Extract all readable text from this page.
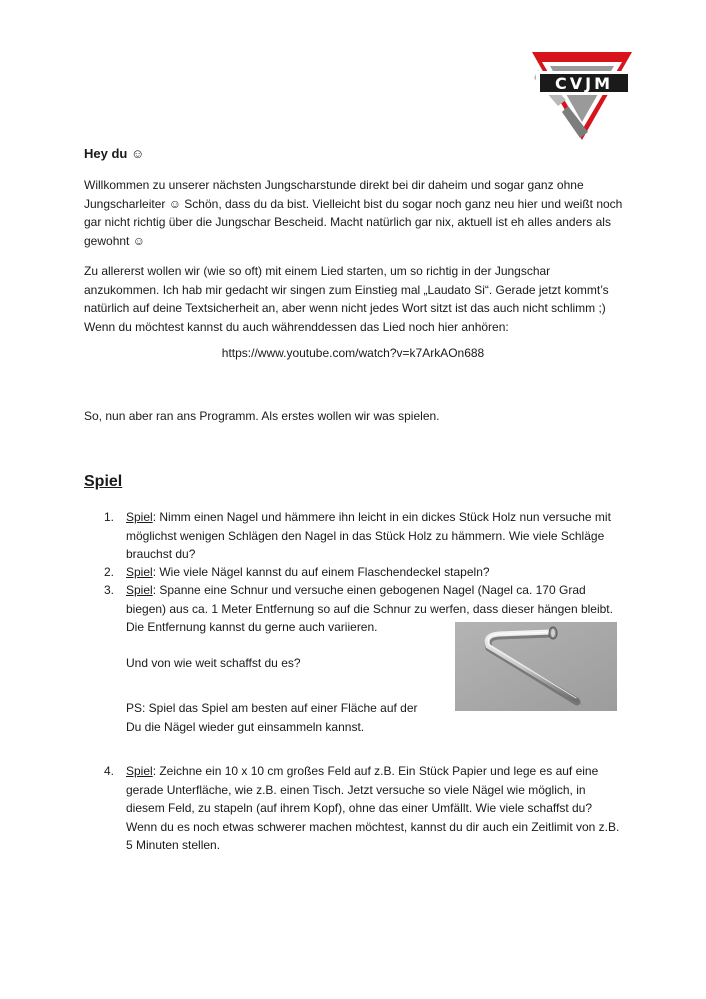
CVJM
Hey du ☺

Willkommen zu unserer nächsten Jungscharstunde direkt bei dir daheim und sogar ganz ohne Jungscharleiter ☺ Schön, dass du da bist. Vielleicht bist du sogar noch ganz neu hier und weißt noch gar nicht richtig über die Jungschar Bescheid. Macht natürlich gar nix, aktuell ist eh alles anders als gewohnt ☺

Zu allererst wollen wir (wie so oft) mit einem Lied starten, um so richtig in der Jungschar anzukommen. Ich hab mir gedacht wir singen zum Einstieg mal „Laudato Si“. Gerade jetzt kommt’s natürlich auf deine Textsicherheit an, aber wenn nicht jedes Wort sitzt ist das auch nicht schlimm ;) Wenn du möchtest kannst du auch währenddessen das Lied noch hier anhören:

https://www.youtube.com/watch?v=k7ArkAOn688

So, nun aber ran ans Programm. Als erstes wollen wir was spielen.

Spiel
1. Spiel: Nimm einen Nagel und hämmere ihn leicht in ein dickes Stück Holz nun versuche mit möglichst wenigen Schlägen den Nagel in das Stück Holz zu hämmern. Wie viele Schläge brauchst du?
2. Spiel: Wie viele Nägel kannst du auf einem Flaschendeckel stapeln?
3. Spiel: Spanne eine Schnur und versuche einen gebogenen Nagel (Nagel ca. 170 Grad biegen) aus ca. 1 Meter Entfernung so auf die Schnur zu werfen, dass dieser hängen bleibt. Die Entfernung kannst du gerne auch variieren.
Und von wie weit schaffst du es?
PS: Spiel das Spiel am besten auf einer Fläche auf der Du die Nägel wieder gut einsammeln kannst.
4. Spiel: Zeichne ein 10 x 10 cm großes Feld auf z.B. Ein Stück Papier und lege es auf eine gerade Unterfläche, wie z.B. einen Tisch. Jetzt versuche so viele Nägel wie möglich, in diesem Feld, zu stapeln (auf ihrem Kopf), ohne das einer Umfällt. Wie viele schaffst du? Wenn du es noch etwas schwerer machen möchtest, kannst du dir auch ein Zeitlimit von z.B. 5 Minuten stellen.
